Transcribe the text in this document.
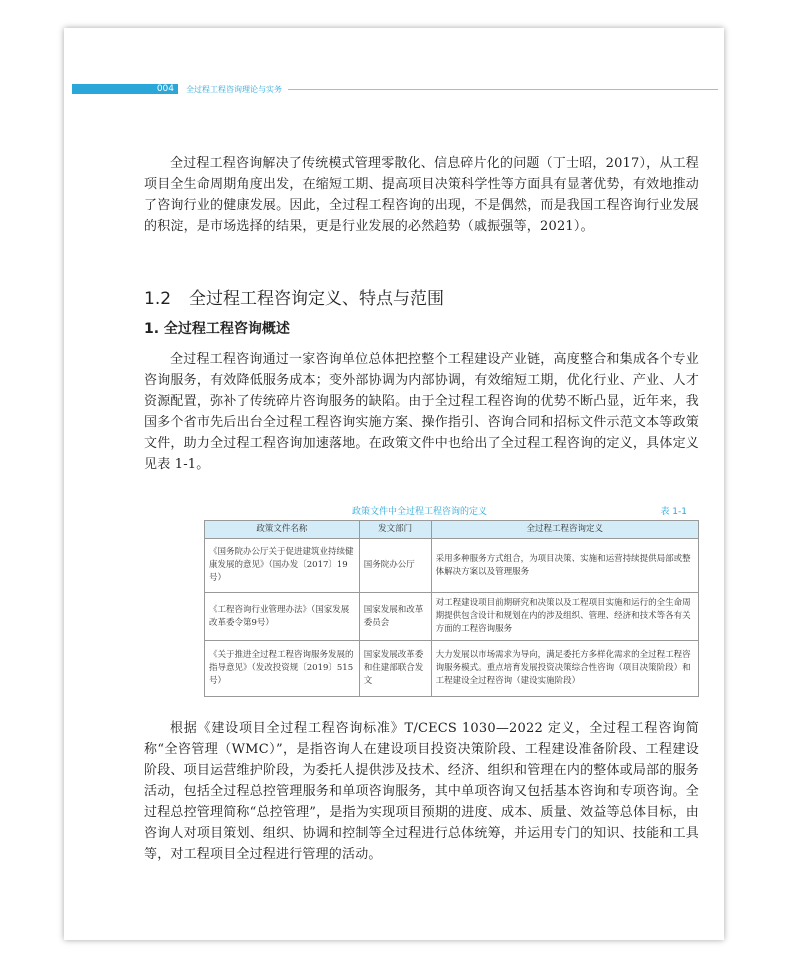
004 全过程工程咨询理论与实务

全过程工程咨询解决了传统模式管理零散化、信息碎片化的问题（丁士昭，2017），从工程项目全生命周期角度出发，在缩短工期、提高项目决策科学性等方面具有显著优势，有效地推动了咨询行业的健康发展。因此，全过程工程咨询的出现，不是偶然，而是我国工程咨询行业发展的积淀，是市场选择的结果，更是行业发展的必然趋势（戚振强等，2021）。

1.2 全过程工程咨询定义、特点与范围
1. 全过程工程咨询概述

全过程工程咨询通过一家咨询单位总体把控整个工程建设产业链，高度整合和集成各个专业咨询服务，有效降低服务成本；变外部协调为内部协调，有效缩短工期，优化行业、产业、人才资源配置，弥补了传统碎片咨询服务的缺陷。由于全过程工程咨询的优势不断凸显，近年来，我国多个省市先后出台全过程工程咨询实施方案、操作指引、咨询合同和招标文件示范文本等政策文件，助力全过程工程咨询加速落地。在政策文件中也给出了全过程工程咨询的定义，具体定义见表 1-1。

政策文件中全过程工程咨询的定义	表 1-1
政策文件名称	发文部门	全过程工程咨询定义
《国务院办公厅关于促进建筑业持续健康发展的意见》（国办发〔2017〕19号）	国务院办公厅	采用多种服务方式组合，为项目决策、实施和运营持续提供局部或整体解决方案以及管理服务
《工程咨询行业管理办法》（国家发展改革委令第9号）	国家发展和改革委员会	对工程建设项目前期研究和决策以及工程项目实施和运行的全生命周期提供包含设计和规划在内的涉及组织、管理、经济和技术等各有关方面的工程咨询服务
《关于推进全过程工程咨询服务发展的指导意见》（发改投资规〔2019〕515号）	国家发展改革委和住建部联合发文	大力发展以市场需求为导向，满足委托方多样化需求的全过程工程咨询服务模式。重点培育发展投资决策综合性咨询（项目决策阶段）和工程建设全过程咨询（建设实施阶段）

根据《建设项目全过程工程咨询标准》T/CECS 1030—2022 定义，全过程工程咨询简称“全咨管理（WMC）”，是指咨询人在建设项目投资决策阶段、工程建设准备阶段、工程建设阶段、项目运营维护阶段，为委托人提供涉及技术、经济、组织和管理在内的整体或局部的服务活动，包括全过程总控管理服务和单项咨询服务，其中单项咨询又包括基本咨询和专项咨询。全过程总控管理简称“总控管理”，是指为实现项目预期的进度、成本、质量、效益等总体目标，由咨询人对项目策划、组织、协调和控制等全过程进行总体统筹，并运用专门的知识、技能和工具等，对工程项目全过程进行管理的活动。
